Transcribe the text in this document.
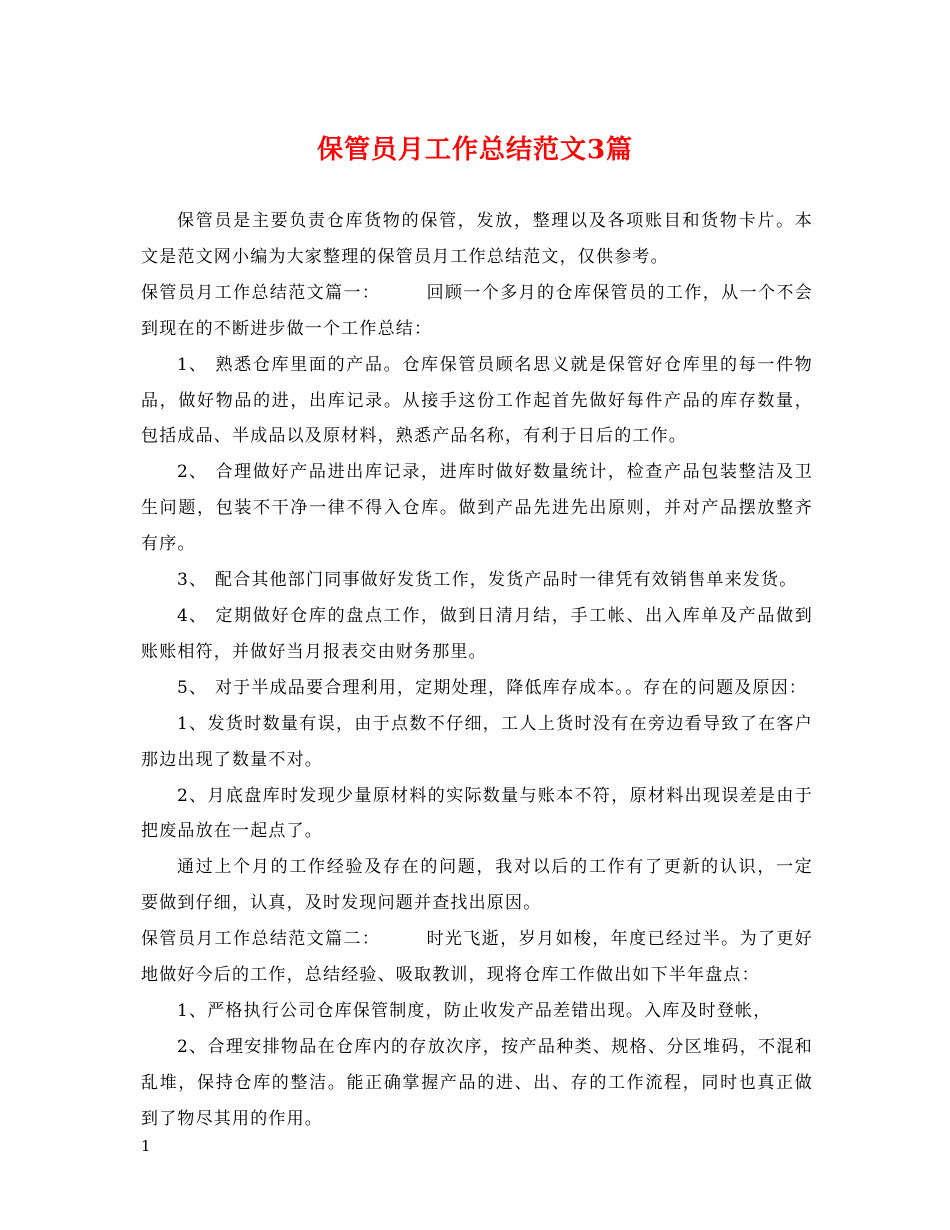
保管员月工作总结范文3篇

保管员是主要负责仓库货物的保管，发放，整理以及各项账目和货物卡片。本文是范文网小编为大家整理的保管员月工作总结范文，仅供参考。

保管员月工作总结范文篇一：	回顾一个多月的仓库保管员的工作，从一个不会到现在的不断进步做一个工作总结：

1、 熟悉仓库里面的产品。仓库保管员顾名思义就是保管好仓库里的每一件物品，做好物品的进，出库记录。从接手这份工作起首先做好每件产品的库存数量，包括成品、半成品以及原材料，熟悉产品名称，有利于日后的工作。

2、 合理做好产品进出库记录，进库时做好数量统计，检查产品包装整洁及卫生问题，包装不干净一律不得入仓库。做到产品先进先出原则，并对产品摆放整齐有序。

3、 配合其他部门同事做好发货工作，发货产品时一律凭有效销售单来发货。

4、 定期做好仓库的盘点工作，做到日清月结，手工帐、出入库单及产品做到账账相符，并做好当月报表交由财务那里。

5、 对于半成品要合理利用，定期处理，降低库存成本。。存在的问题及原因：

1、发货时数量有误，由于点数不仔细，工人上货时没有在旁边看导致了在客户那边出现了数量不对。

2、月底盘库时发现少量原材料的实际数量与账本不符，原材料出现误差是由于把废品放在一起点了。

通过上个月的工作经验及存在的问题，我对以后的工作有了更新的认识，一定要做到仔细，认真，及时发现问题并查找出原因。

保管员月工作总结范文篇二：	时光飞逝，岁月如梭，年度已经过半。为了更好地做好今后的工作，总结经验、吸取教训，现将仓库工作做出如下半年盘点：

1、严格执行公司仓库保管制度，防止收发产品差错出现。入库及时登帐，

2、合理安排物品在仓库内的存放次序，按产品种类、规格、分区堆码，不混和乱堆，保持仓库的整洁。能正确掌握产品的进、出、存的工作流程，同时也真正做到了物尽其用的作用。

1
